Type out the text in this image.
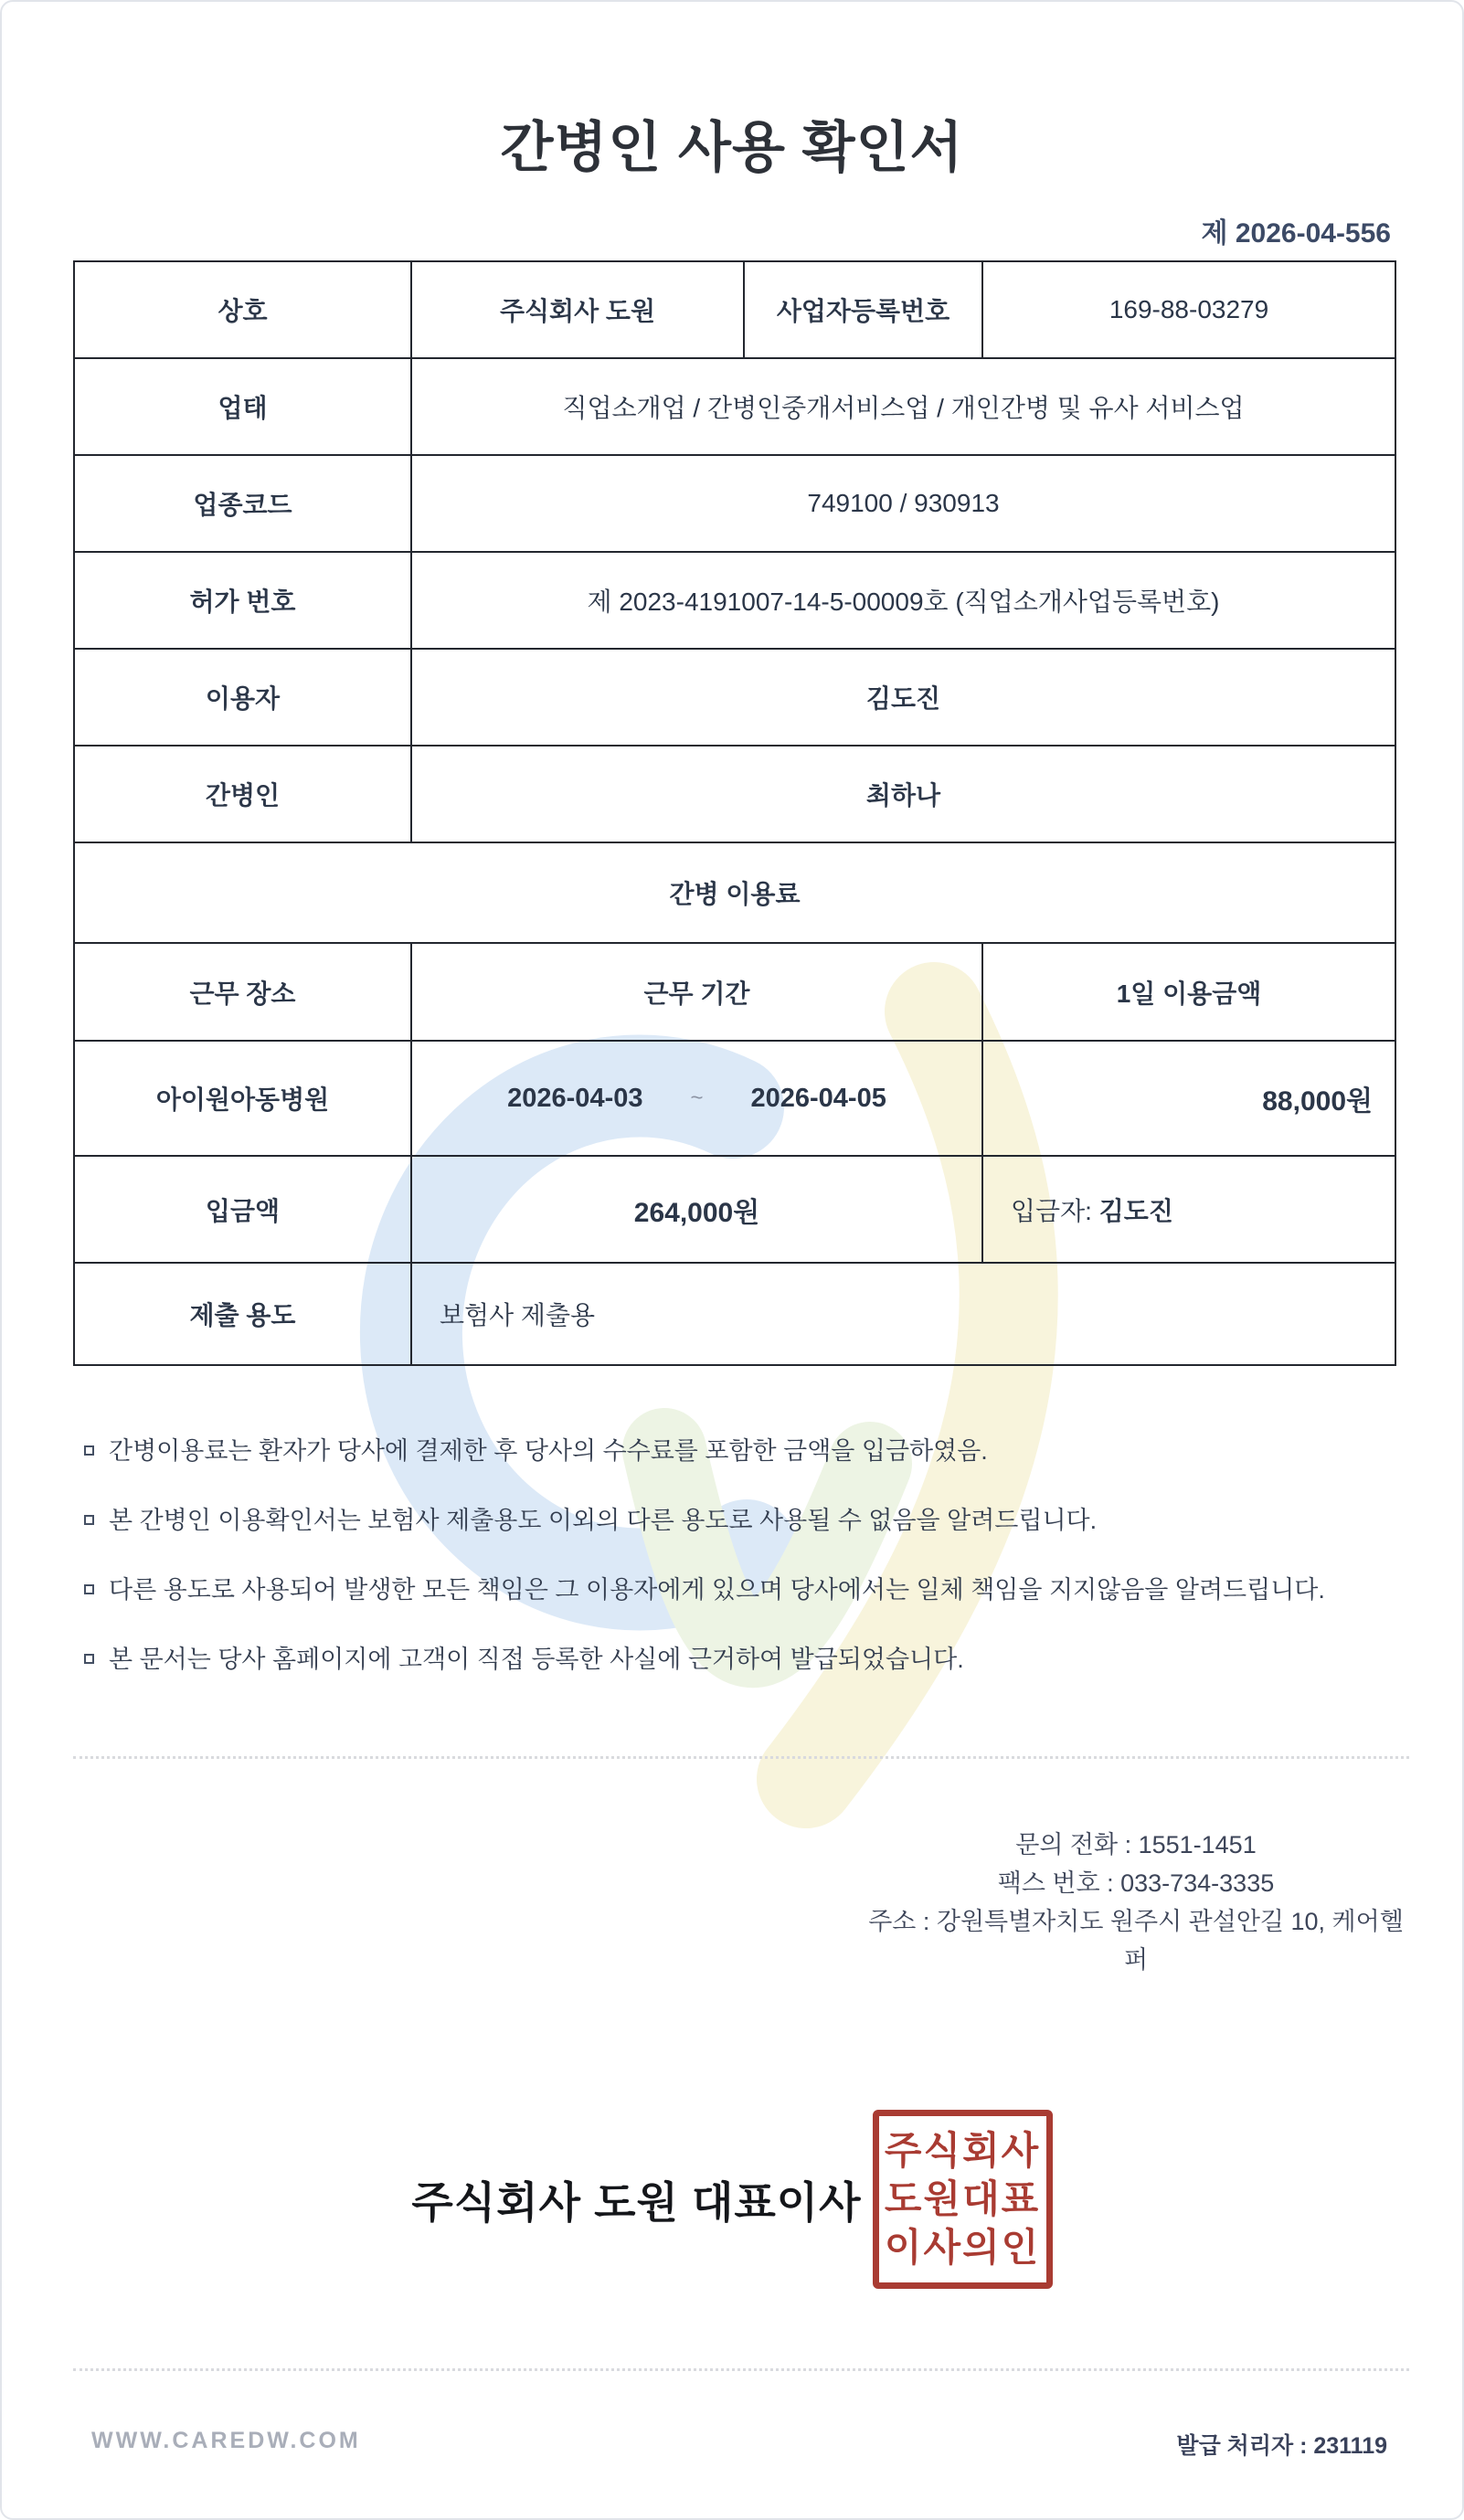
간병인 사용 확인서
제 2026-04-556
상호	주식회사 도원	사업자등록번호	169-88-03279
업태	직업소개업 / 간병인중개서비스업 / 개인간병 및 유사 서비스업		
업종코드	749100 / 930913		
허가 번호	제 2023-4191007-14-5-00009호 (직업소개사업등록번호)		
이용자	김도진		
간병인	최하나		
간병 이용료			
근무 장소	근무 기간		1일 이용금액
아이원아동병원	2026-04-03 ~ 2026-04-05		88,000원
입금액	264,000원		입금자: 김도진
제출 용도	보험사 제출용		
간병이용료는 환자가 당사에 결제한 후 당사의 수수료를 포함한 금액을 입금하였음.
본 간병인 이용확인서는 보험사 제출용도 이외의 다른 용도로 사용될 수 없음을 알려드립니다.
다른 용도로 사용되어 발생한 모든 책임은 그 이용자에게 있으며 당사에서는 일체 책임을 지지않음을 알려드립니다.
본 문서는 당사 홈페이지에 고객이 직접 등록한 사실에 근거하여 발급되었습니다.
문의 전화 : 1551-1451
팩스 번호 : 033-734-3335
주소 : 강원특별자치도 원주시 관설안길 10, 케어헬퍼
주식회사 도원 대표이사
주식회사
도원대표
이사의인
WWW.CAREDW.COM	발급 처리자 : 231119
